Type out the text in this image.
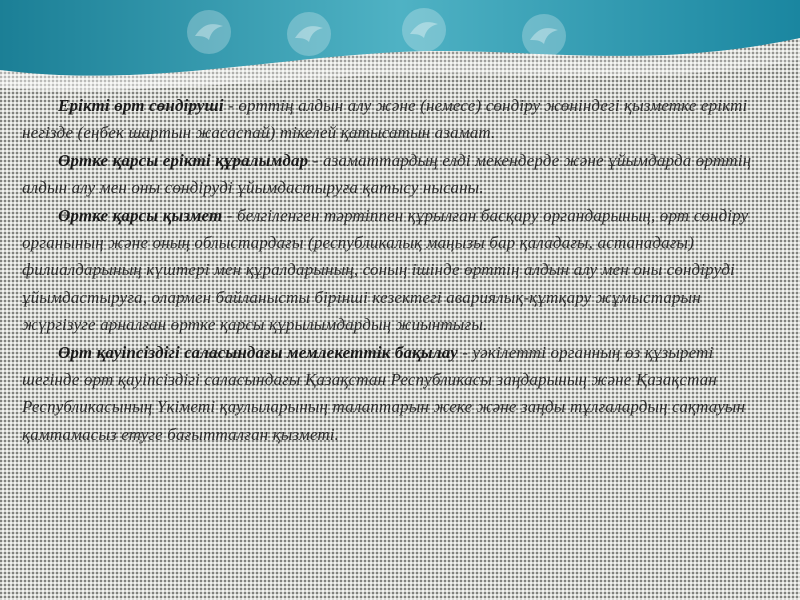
Ерікті өрт сөндіруші - өрттің алдын алу және (немесе) сөндіру жөніндегі қызметке ерікті негізде (еңбек шартын жасаспай) тікелей қатысатын азамат.

Өртке қарсы ерікті құралымдар - азаматтардың елді мекендерде және ұйымдарда өрттің алдын алу мен оны сөндіруді ұйымдастыруға қатысу нысаны.

Өртке қарсы қызмет - белгіленген тәртіппен құрылған басқару органдарының, өрт сөндіру органының және оның облыстардағы (республикалық маңызы бар қаладағы, астанадағы) филиалдарының күштері мен құралдарының, соның ішінде өрттің алдын алу мен оны сөндіруді ұйымдастыруға, олармен байланысты бірінші кезектегі авариялық-құтқару жұмыстарын жүргізуге арналған өртке қарсы құрылымдардың жиынтығы.

Өрт қауіпсіздігі саласындағы мемлекеттік бақылау - уәкілетті органның өз құзыреті шегінде өрт қауіпсіздігі саласындағы Қазақстан Республикасы заңдарының және Қазақстан Республикасының Үкіметі қаулыларының талаптарын жеке және заңды тұлғалардың сақтауын қамтамасыз етуге бағытталған қызметі.
